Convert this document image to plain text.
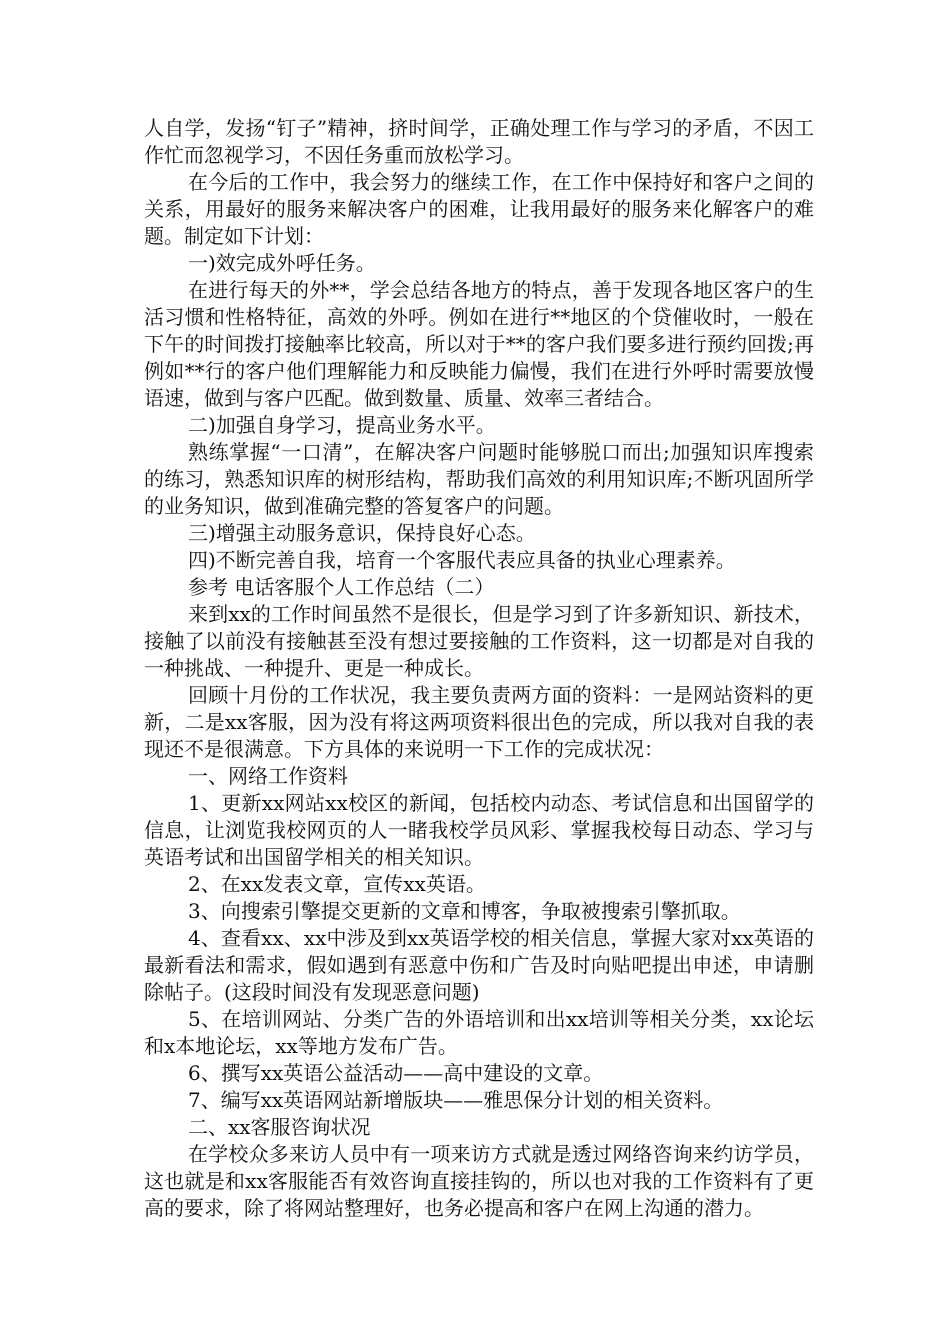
人自学，发扬“钉子”精神，挤时间学，正确处理工作与学习的矛盾，不因工作忙而忽视学习，不因任务重而放松学习。

在今后的工作中，我会努力的继续工作，在工作中保持好和客户之间的关系，用最好的服务来解决客户的困难，让我用最好的服务来化解客户的难题。制定如下计划：

一)效完成外呼任务。

在进行每天的外**，学会总结各地方的特点，善于发现各地区客户的生活习惯和性格特征，高效的外呼。例如在进行**地区的个贷催收时，一般在下午的时间拨打接触率比较高，所以对于**的客户我们要多进行预约回拨;再例如**行的客户他们理解能力和反映能力偏慢，我们在进行外呼时需要放慢语速，做到与客户匹配。做到数量、质量、效率三者结合。

二)加强自身学习，提高业务水平。

熟练掌握“一口清”，在解决客户问题时能够脱口而出;加强知识库搜索的练习，熟悉知识库的树形结构，帮助我们高效的利用知识库;不断巩固所学的业务知识，做到准确完整的答复客户的问题。

三)增强主动服务意识，保持良好心态。

四)不断完善自我，培育一个客服代表应具备的执业心理素养。

参考 电话客服个人工作总结（二）

来到xx的工作时间虽然不是很长，但是学习到了许多新知识、新技术，接触了以前没有接触甚至没有想过要接触的工作资料，这一切都是对自我的一种挑战、一种提升、更是一种成长。

回顾十月份的工作状况，我主要负责两方面的资料：一是网站资料的更新，二是xx客服，因为没有将这两项资料很出色的完成，所以我对自我的表现还不是很满意。下方具体的来说明一下工作的完成状况：

一、网络工作资料

1、更新xx网站xx校区的新闻，包括校内动态、考试信息和出国留学的信息，让浏览我校网页的人一睹我校学员风彩、掌握我校每日动态、学习与英语考试和出国留学相关的相关知识。

2、在xx发表文章，宣传xx英语。

3、向搜索引擎提交更新的文章和博客，争取被搜索引擎抓取。

4、查看xx、xx中涉及到xx英语学校的相关信息，掌握大家对xx英语的最新看法和需求，假如遇到有恶意中伤和广告及时向贴吧提出申述，申请删除帖子。(这段时间没有发现恶意问题)

5、在培训网站、分类广告的外语培训和出xx培训等相关分类，xx论坛和x本地论坛，xx等地方发布广告。

6、撰写xx英语公益活动——高中建设的文章。

7、编写xx英语网站新增版块——雅思保分计划的相关资料。

二、xx客服咨询状况

在学校众多来访人员中有一项来访方式就是透过网络咨询来约访学员，这也就是和xx客服能否有效咨询直接挂钩的，所以也对我的工作资料有了更高的要求，除了将网站整理好，也务必提高和客户在网上沟通的潜力。
